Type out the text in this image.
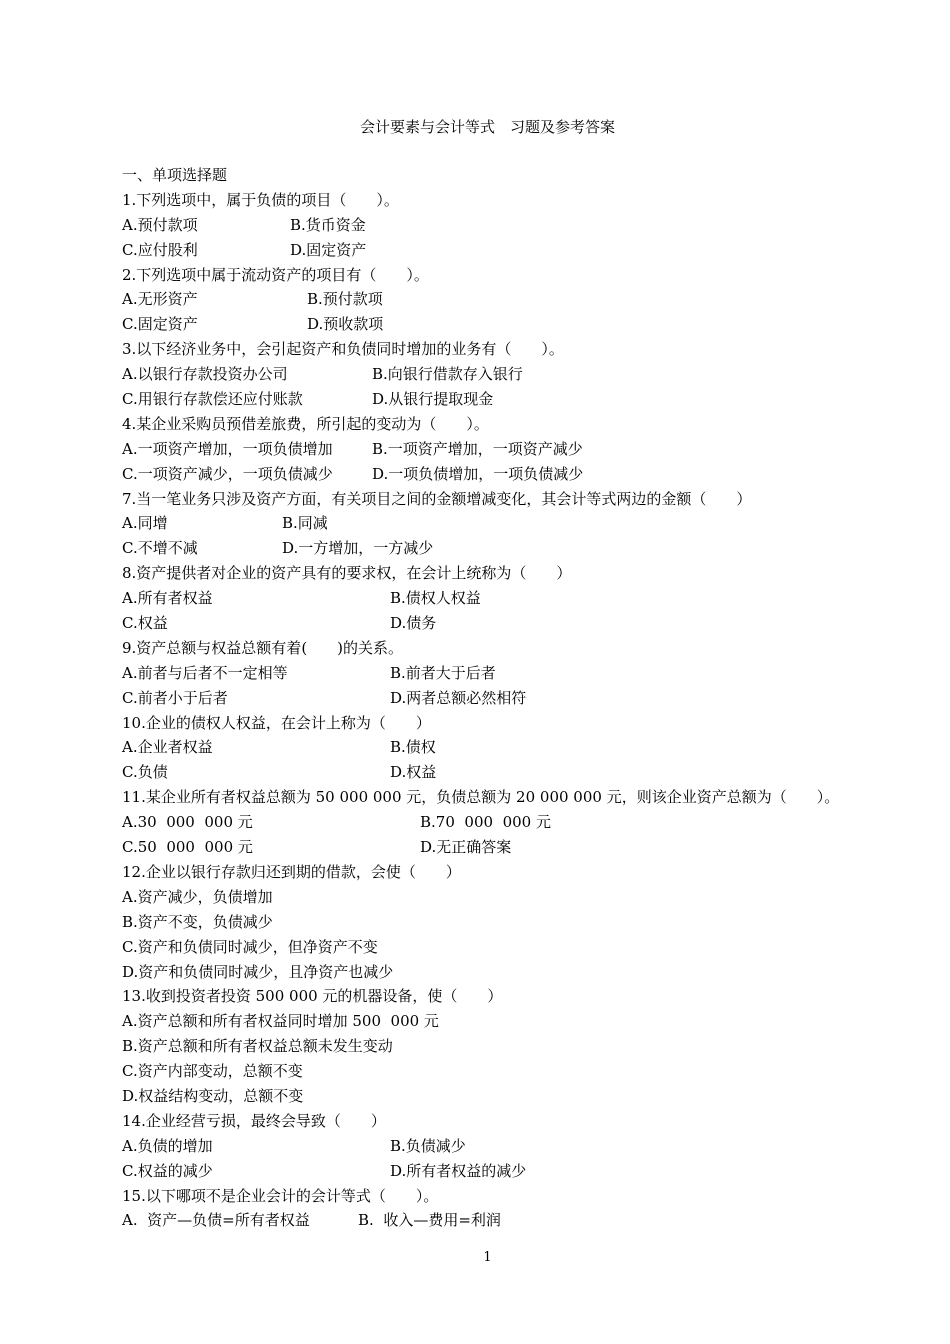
会计要素与会计等式　习题及参考答案
一、单项选择题
1.下列选项中，属于负债的项目（　　）。
A.预付款项	B.货币资金
C.应付股利	D.固定资产
2.下列选项中属于流动资产的项目有（　　）。
A.无形资产	B.预付款项
C.固定资产	D.预收款项
3.以下经济业务中，会引起资产和负债同时增加的业务有（　　）。
A.以银行存款投资办公司	B.向银行借款存入银行
C.用银行存款偿还应付账款	D.从银行提取现金
4.某企业采购员预借差旅费，所引起的变动为（　　）。
A.一项资产增加，一项负债增加	B.一项资产增加，一项资产减少
C.一项资产减少，一项负债减少	D.一项负债增加，一项负债减少
7.当一笔业务只涉及资产方面，有关项目之间的金额增减变化，其会计等式两边的金额（　　）
A.同增	B.同减
C.不增不减	D.一方增加，一方减少
8.资产提供者对企业的资产具有的要求权，在会计上统称为（　　）
A.所有者权益	B.债权人权益
C.权益	D.债务
9.资产总额与权益总额有着(　　)的关系。
A.前者与后者不一定相等	B.前者大于后者
C.前者小于后者	D.两者总额必然相符
10.企业的债权人权益，在会计上称为（　　）
A.企业者权益	B.债权
C.负债	D.权益
11.某企业所有者权益总额为 50 000 000 元，负债总额为 20 000 000 元，则该企业资产总额为（　　）。
A.30  000  000 元	B.70  000  000 元
C.50  000  000 元	D.无正确答案
12.企业以银行存款归还到期的借款，会使（　　）
A.资产减少，负债增加
B.资产不变，负债减少
C.资产和负债同时减少，但净资产不变
D.资产和负债同时减少，且净资产也减少
13.收到投资者投资 500 000 元的机器设备，使（　　）
A.资产总额和所有者权益同时增加 500  000 元
B.资产总额和所有者权益总额未发生变动
C.资产内部变动，总额不变
D.权益结构变动，总额不变
14.企业经营亏损，最终会导致（　　）
A.负债的增加	B.负债减少
C.权益的减少	D.所有者权益的减少
15.以下哪项不是企业会计的会计等式（　　）。
A.  资产—负债=所有者权益	B.  收入—费用=利润
1
